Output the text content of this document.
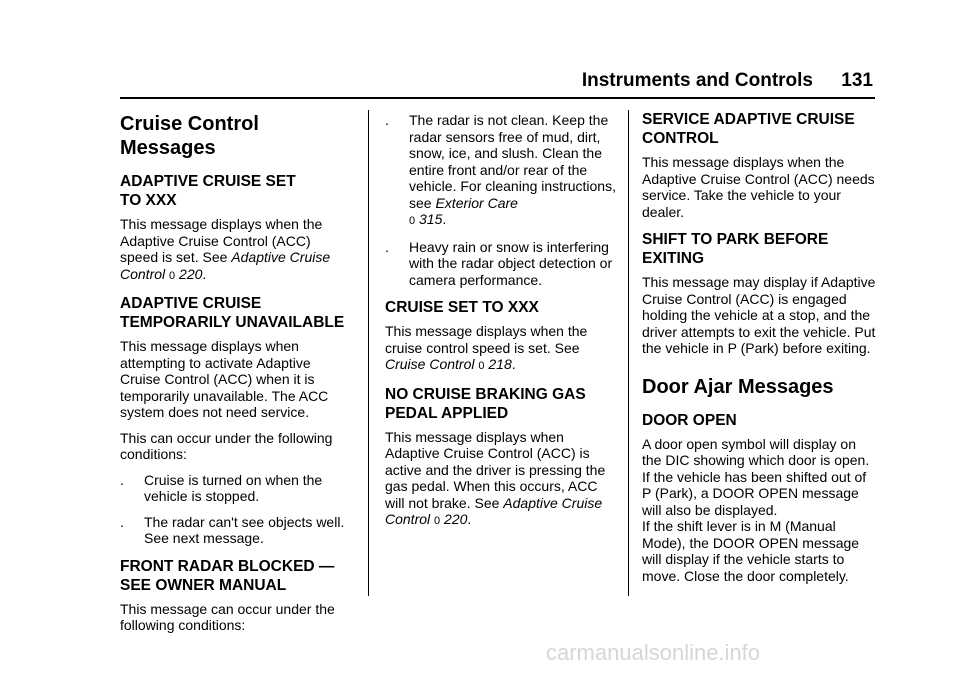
Instruments and Controls 131
Cruise Control Messages
ADAPTIVE CRUISE SET
TO XXX

This message displays when the Adaptive Cruise Control (ACC) speed is set. See Adaptive Cruise Control 0 220.

ADAPTIVE CRUISE
TEMPORARILY UNAVAILABLE

This message displays when attempting to activate Adaptive Cruise Control (ACC) when it is temporarily unavailable. The ACC system does not need service.

This can occur under the following conditions:

. Cruise is turned on when the vehicle is stopped.
. The radar can't see objects well. See next message.
FRONT RADAR BLOCKED —
SEE OWNER MANUAL

This message can occur under the following conditions:

. The radar is not clean. Keep the radar sensors free of mud, dirt, snow, ice, and slush. Clean the entire front and/or rear of the vehicle. For cleaning instructions, see Exterior Care
0 315.
. Heavy rain or snow is interfering with the radar object detection or camera performance.
CRUISE SET TO XXX

This message displays when the cruise control speed is set. See Cruise Control 0 218.

NO CRUISE BRAKING GAS
PEDAL APPLIED

This message displays when Adaptive Cruise Control (ACC) is active and the driver is pressing the gas pedal. When this occurs, ACC will not brake. See Adaptive Cruise Control 0 220.

SERVICE ADAPTIVE CRUISE
CONTROL

This message displays when the Adaptive Cruise Control (ACC) needs service. Take the vehicle to your dealer.

SHIFT TO PARK BEFORE
EXITING

This message may display if Adaptive Cruise Control (ACC) is engaged holding the vehicle at a stop, and the driver attempts to exit the vehicle. Put the vehicle in P (Park) before exiting.

Door Ajar Messages
DOOR OPEN

A door open symbol will display on the DIC showing which door is open. If the vehicle has been shifted out of P (Park), a DOOR OPEN message will also be displayed.

If the shift lever is in M (Manual Mode), the DOOR OPEN message will display if the vehicle starts to move. Close the door completely.

carmanualsonline.info
